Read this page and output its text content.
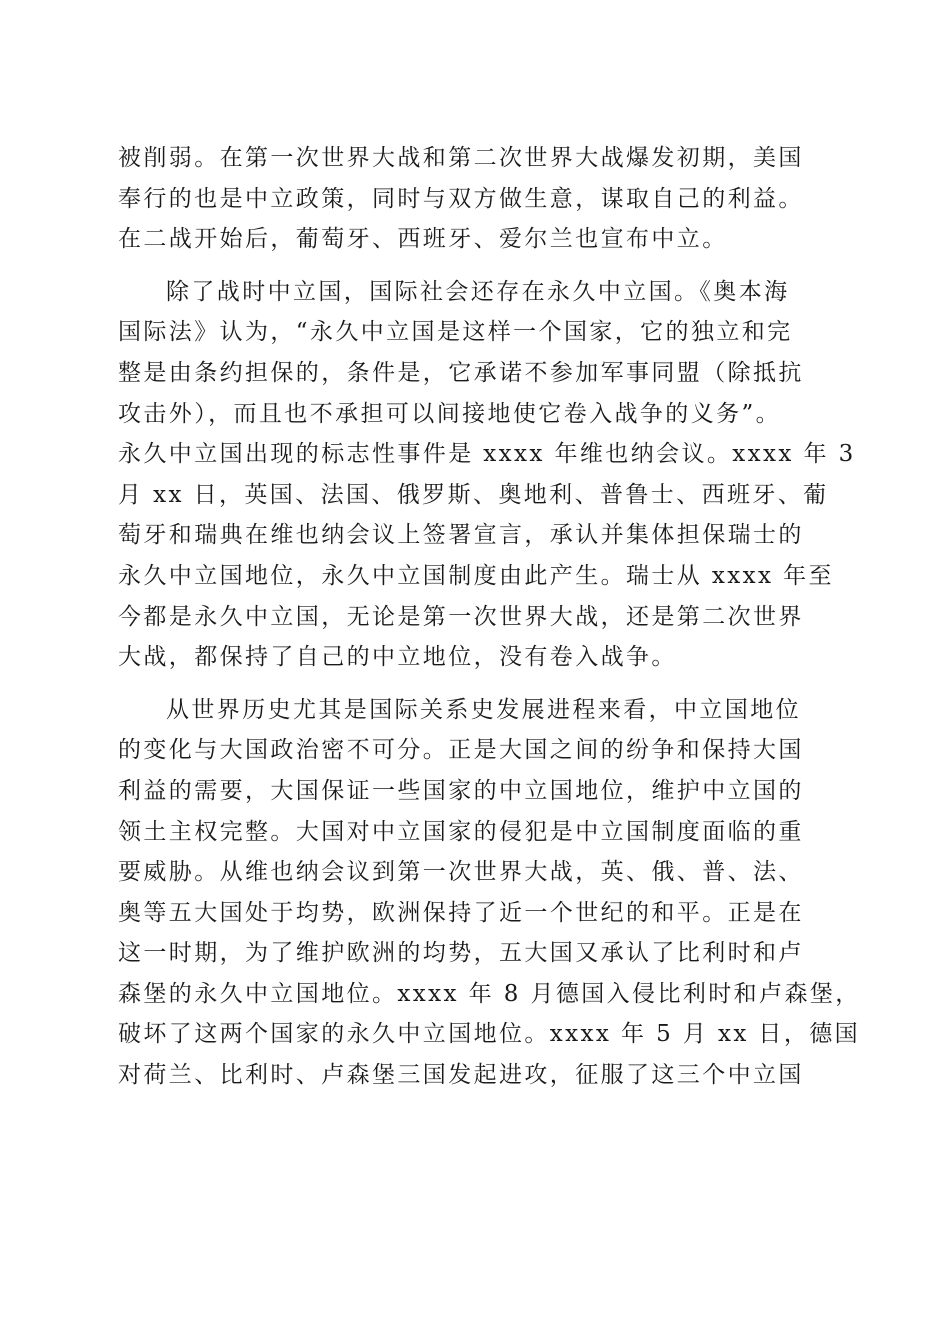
被削弱。在第一次世界大战和第二次世界大战爆发初期，美国
奉行的也是中立政策，同时与双方做生意，谋取自己的利益。
在二战开始后，葡萄牙、西班牙、爱尔兰也宣布中立。
除了战时中立国，国际社会还存在永久中立国。《奥本海
国际法》认为，“永久中立国是这样一个国家，它的独立和完
整是由条约担保的，条件是，它承诺不参加军事同盟（除抵抗
攻击外），而且也不承担可以间接地使它卷入战争的义务”。
永久中立国出现的标志性事件是 xxxx 年维也纳会议。xxxx 年 3
月 xx 日，英国、法国、俄罗斯、奥地利、普鲁士、西班牙、葡
萄牙和瑞典在维也纳会议上签署宣言，承认并集体担保瑞士的
永久中立国地位，永久中立国制度由此产生。瑞士从 xxxx 年至
今都是永久中立国，无论是第一次世界大战，还是第二次世界
大战，都保持了自己的中立地位，没有卷入战争。
从世界历史尤其是国际关系史发展进程来看，中立国地位
的变化与大国政治密不可分。正是大国之间的纷争和保持大国
利益的需要，大国保证一些国家的中立国地位，维护中立国的
领土主权完整。大国对中立国家的侵犯是中立国制度面临的重
要威胁。从维也纳会议到第一次世界大战，英、俄、普、法、
奥等五大国处于均势，欧洲保持了近一个世纪的和平。正是在
这一时期，为了维护欧洲的均势，五大国又承认了比利时和卢
森堡的永久中立国地位。xxxx 年 8 月德国入侵比利时和卢森堡，
破坏了这两个国家的永久中立国地位。xxxx 年 5 月 xx 日，德国
对荷兰、比利时、卢森堡三国发起进攻，征服了这三个中立国
